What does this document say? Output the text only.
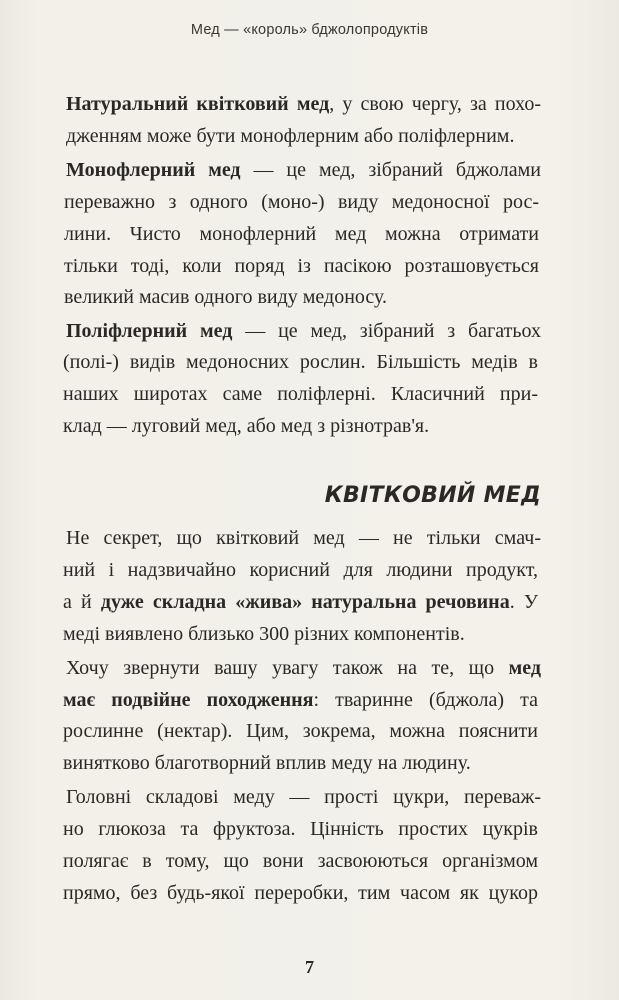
Мед — «король» бджолопродуктів
Натуральний квітковий мед, у свою чергу, за похо-
дженням може бути монофлерним або поліфлерним.
Монофлерний мед — це мед, зібраний бджолами
переважно з одного (моно-) виду медоносної рос-
лини. Чисто монофлерний мед можна отримати
тільки тоді, коли поряд із пасікою розташовується
великий масив одного виду медоносу.
Поліфлерний мед — це мед, зібраний з багатьох
(полі-) видів медоносних рослин. Більшість медів в
наших широтах саме поліфлерні. Класичний при-
клад — луговий мед, або мед з різнотрав'я.
КВІТКОВИЙ МЕД
Не секрет, що квітковий мед — не тільки смач-
ний і надзвичайно корисний для людини продукт,
а й дуже складна «жива» натуральна речовина. У
меді виявлено близько 300 різних компонентів.
Хочу звернути вашу увагу також на те, що мед
має подвійне походження: тваринне (бджола) та
рослинне (нектар). Цим, зокрема, можна пояснити
винятково благотворний вплив меду на людину.
Головні складові меду — прості цукри, переваж-
но глюкоза та фруктоза. Цінність простих цукрів
полягає в тому, що вони засвоюються організмом
прямо, без будь-якої переробки, тим часом як цукор
7
